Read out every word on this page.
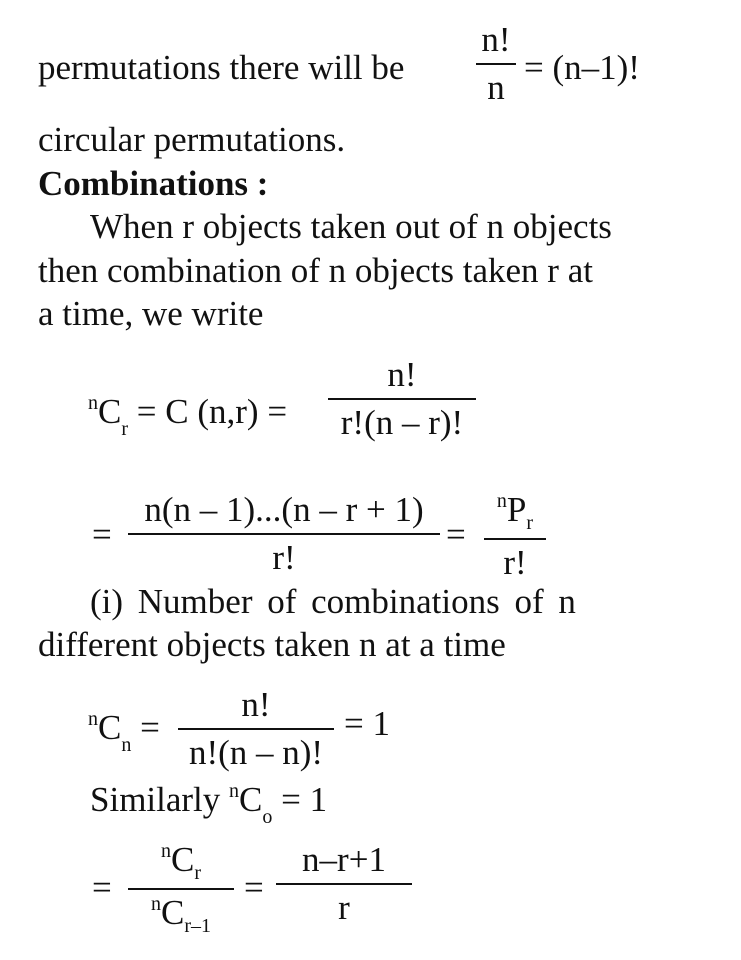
permutations there will be
n!
n
= (n–1)!
circular permutations.
Combinations :
When r objects taken out of n objects
then combination of n objects taken r at
a time, we write
$^nC_r = C$ (n,r) =
n!
r!(n – r)!
=
n(n – 1)...(n – r + 1)
r!
=
$^nP_r$
r!
(i) Number of combinations of n
different objects taken n at a time
$^nC_n$ =
n!
n!(n – n)!
= 1
Similarly $^nC_o = 1$
=
$^nC_r$
$^nC_{r-1}$
=
n–r+1
r
